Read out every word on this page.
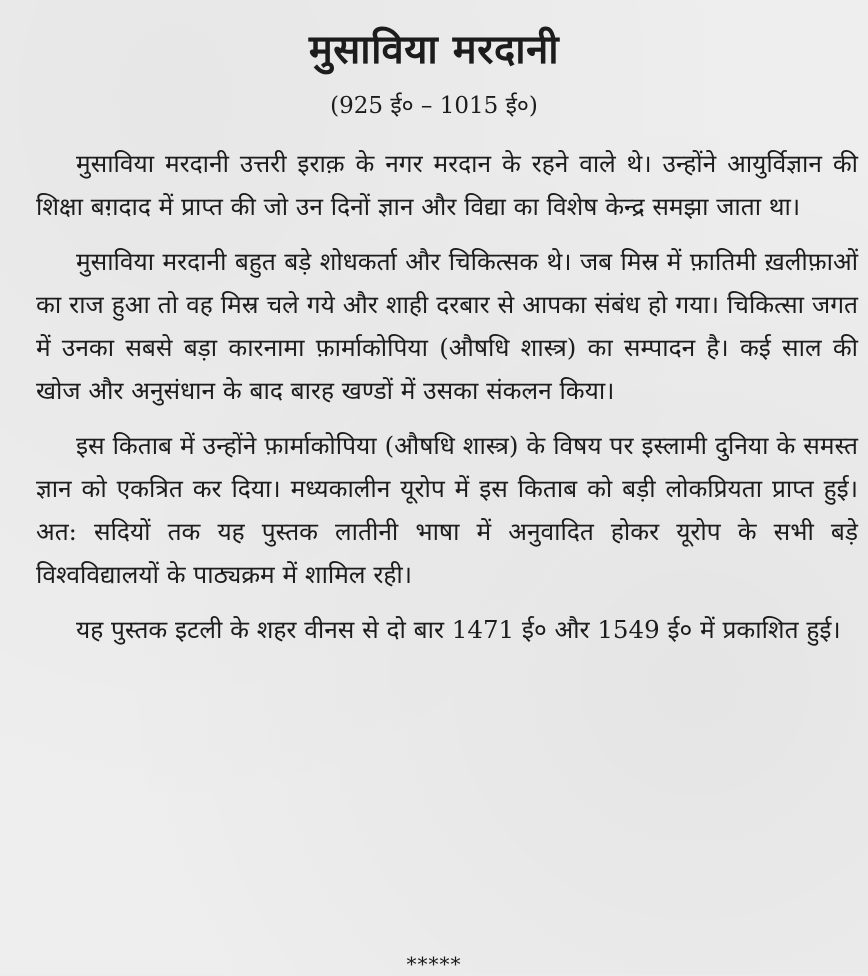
मुसाविया मरदानी
(925 ई० – 1015 ई०)

मुसाविया मरदानी उत्तरी इराक़ के नगर मरदान के रहने वाले थे। उन्होंने आयुर्विज्ञान की शिक्षा बग़दाद में प्राप्त की जो उन दिनों ज्ञान और विद्या का विशेष केन्द्र समझा जाता था।

मुसाविया मरदानी बहुत बड़े शोधकर्ता और चिकित्सक थे। जब मिस्र में फ़ातिमी ख़लीफ़ाओं का राज हुआ तो वह मिस्र चले गये और शाही दरबार से आपका संबंध हो गया। चिकित्सा जगत में उनका सबसे बड़ा कारनामा फ़ार्माकोपिया (औषधि शास्त्र) का सम्पादन है। कई साल की खोज और अनुसंधान के बाद बारह खण्डों में उसका संकलन किया।

इस किताब में उन्होंने फ़ार्माकोपिया (औषधि शास्त्र) के विषय पर इस्लामी दुनिया के समस्त ज्ञान को एकत्रित कर दिया। मध्यकालीन यूरोप में इस किताब को बड़ी लोकप्रियता प्राप्त हुई। अत: सदियों तक यह पुस्तक लातीनी भाषा में अनुवादित होकर यूरोप के सभी बड़े विश्वविद्यालयों के पाठ्यक्रम में शामिल रही।

यह पुस्तक इटली के शहर वीनस से दो बार 1471 ई० और 1549 ई० में प्रकाशित हुई।

*****
